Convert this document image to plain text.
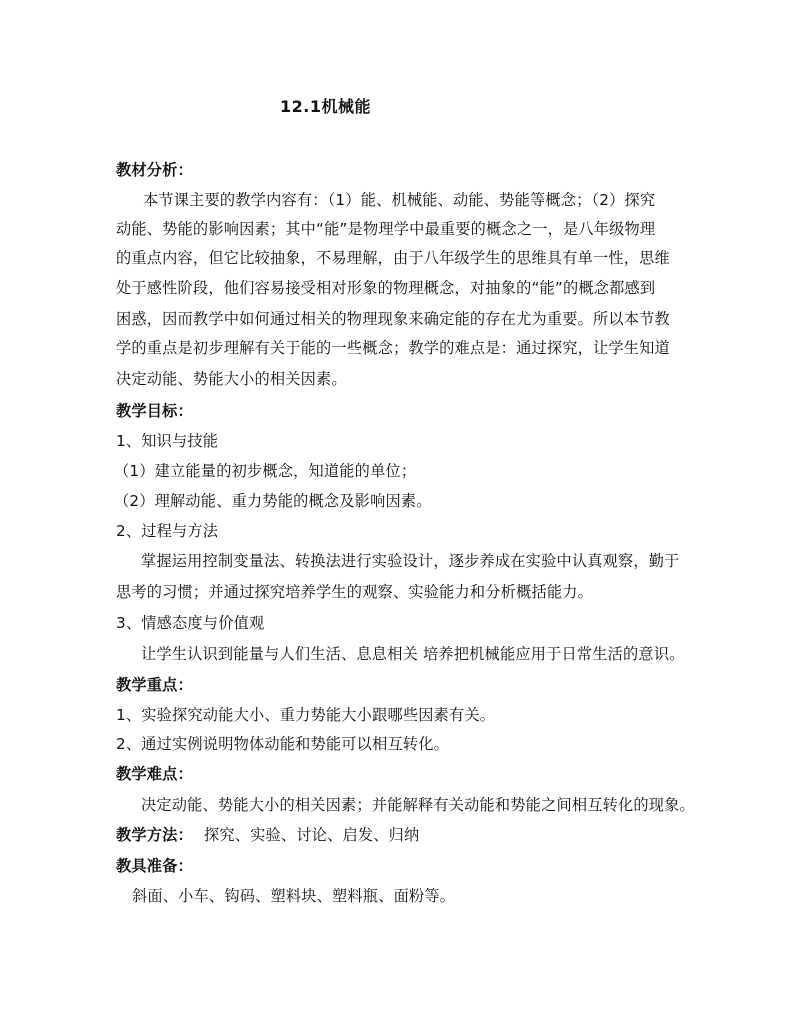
12.1机械能
教材分析：
本节课主要的教学内容有：（1）能、机械能、动能、势能等概念；（2）探究
动能、势能的影响因素；其中“能”是物理学中最重要的概念之一，是八年级物理
的重点内容，但它比较抽象，不易理解，由于八年级学生的思维具有单一性，思维
处于感性阶段，他们容易接受相对形象的物理概念，对抽象的“能”的概念都感到
困惑，因而教学中如何通过相关的物理现象来确定能的存在尤为重要。所以本节教
学的重点是初步理解有关于能的一些概念；教学的难点是：通过探究，让学生知道
决定动能、势能大小的相关因素。
教学目标：
1、知识与技能
（1）建立能量的初步概念，知道能的单位；
（2）理解动能、重力势能的概念及影响因素。
2、过程与方法
掌握运用控制变量法、转换法进行实验设计，逐步养成在实验中认真观察，勤于
思考的习惯；并通过探究培养学生的观察、实验能力和分析概括能力。
3、情感态度与价值观
让学生认识到能量与人们生活、息息相关 培养把机械能应用于日常生活的意识。
教学重点：
1、实验探究动能大小、重力势能大小跟哪些因素有关。
2、通过实例说明物体动能和势能可以相互转化。
教学难点：
决定动能、势能大小的相关因素；并能解释有关动能和势能之间相互转化的现象。
教学方法： 探究、实验、讨论、启发、归纳
教具准备：
斜面、小车、钩码、塑料块、塑料瓶、面粉等。
